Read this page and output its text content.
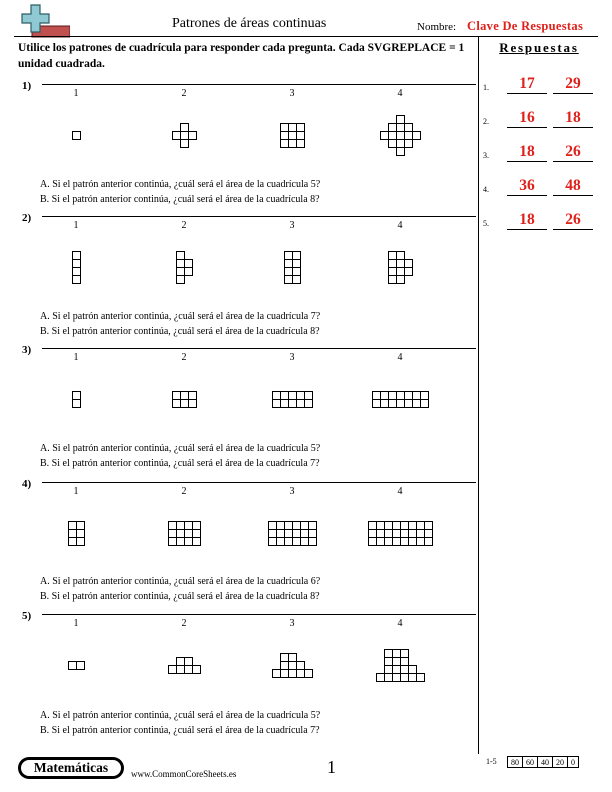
Patrones de áreas continuas	Nombre: Clave De Respuestas
Utilice los patrones de cuadrícula para responder cada pregunta. Cada SVGREPLACE = 1 unidad cuadrada.
Respuestas
1.	17	29
2.	16	18
3.	18	26
4.	36	48
5.	18	26
1)
1	2	3	4
A. Si el patrón anterior continúa, ¿cuál será el área de la cuadrícula 5?
B. Si el patrón anterior continúa, ¿cuál será el área de la cuadrícula 8?
2)
1	2	3	4
A. Si el patrón anterior continúa, ¿cuál será el área de la cuadrícula 7?
B. Si el patrón anterior continúa, ¿cuál será el área de la cuadrícula 8?
3)
1	2	3	4
A. Si el patrón anterior continúa, ¿cuál será el área de la cuadrícula 5?
B. Si el patrón anterior continúa, ¿cuál será el área de la cuadrícula 7?
4)
1	2	3	4
A. Si el patrón anterior continúa, ¿cuál será el área de la cuadrícula 6?
B. Si el patrón anterior continúa, ¿cuál será el área de la cuadrícula 8?
5)
1	2	3	4
A. Si el patrón anterior continúa, ¿cuál será el área de la cuadrícula 5?
B. Si el patrón anterior continúa, ¿cuál será el área de la cuadrícula 7?
Matemáticas	www.CommonCoreSheets.es	1	1-5 80	60	40	20	0
